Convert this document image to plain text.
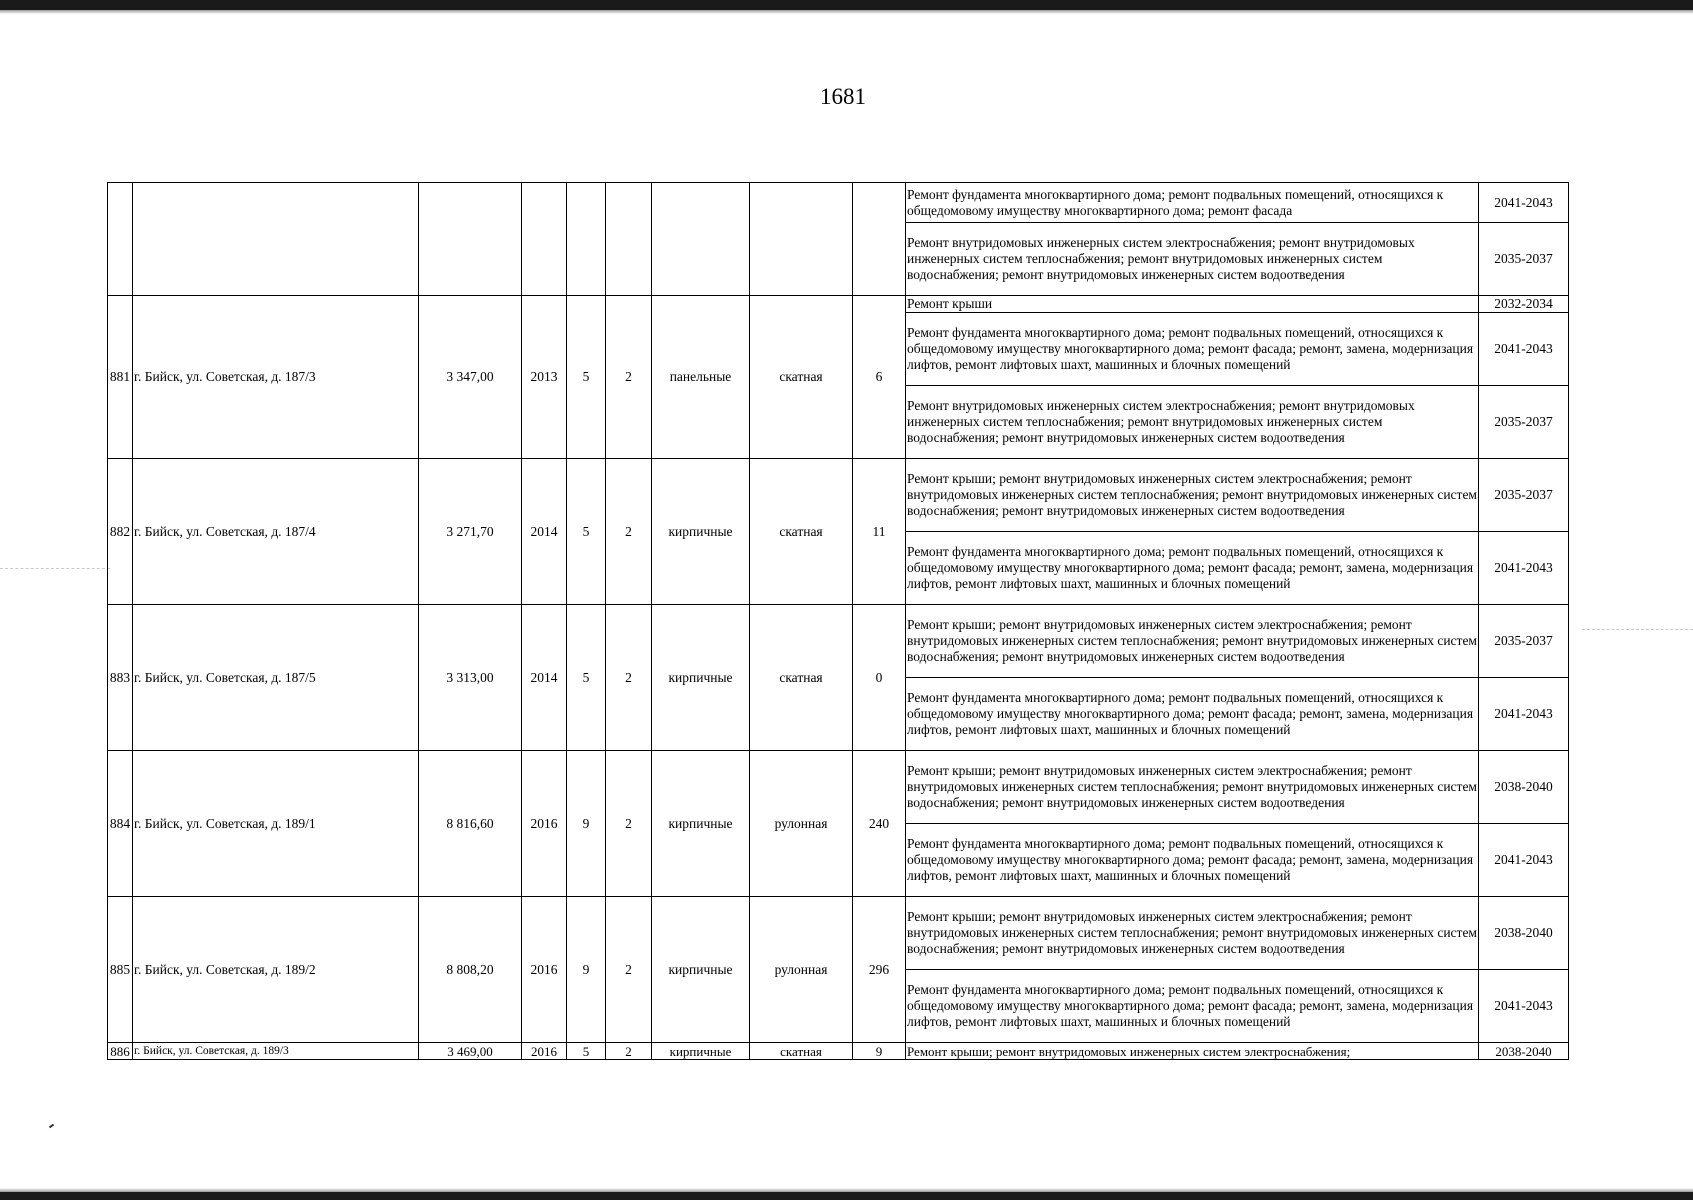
1681
									Ремонт фундамента многоквартирного дома; ремонт подвальных помещений, относящихся к общедомовому имуществу многоквартирного дома; ремонт фасада	2041-2043
									Ремонт внутридомовых инженерных систем электроснабжения; ремонт внутридомовых инженерных систем теплоснабжения; ремонт внутридомовых инженерных систем водоснабжения; ремонт внутридомовых инженерных систем водоотведения	2035-2037
881	г. Бийск, ул. Советская, д. 187/3	3 347,00	2013	5	2	панельные	скатная	6	Ремонт крыши	2032-2034
									Ремонт фундамента многоквартирного дома; ремонт подвальных помещений, относящихся к общедомовому имуществу многоквартирного дома; ремонт фасада; ремонт, замена, модернизация лифтов, ремонт лифтовых шахт, машинных и блочных помещений	2041-2043
									Ремонт внутридомовых инженерных систем электроснабжения; ремонт внутридомовых инженерных систем теплоснабжения; ремонт внутридомовых инженерных систем водоснабжения; ремонт внутридомовых инженерных систем водоотведения	2035-2037
882	г. Бийск, ул. Советская, д. 187/4	3 271,70	2014	5	2	кирпичные	скатная	11	Ремонт крыши; ремонт внутридомовых инженерных систем электроснабжения; ремонт внутридомовых инженерных систем теплоснабжения; ремонт внутридомовых инженерных систем водоснабжения; ремонт внутридомовых инженерных систем водоотведения	2035-2037
									Ремонт фундамента многоквартирного дома; ремонт подвальных помещений, относящихся к общедомовому имуществу многоквартирного дома; ремонт фасада; ремонт, замена, модернизация лифтов, ремонт лифтовых шахт, машинных и блочных помещений	2041-2043
883	г. Бийск, ул. Советская, д. 187/5	3 313,00	2014	5	2	кирпичные	скатная	0	Ремонт крыши; ремонт внутридомовых инженерных систем электроснабжения; ремонт внутридомовых инженерных систем теплоснабжения; ремонт внутридомовых инженерных систем водоснабжения; ремонт внутридомовых инженерных систем водоотведения	2035-2037
									Ремонт фундамента многоквартирного дома; ремонт подвальных помещений, относящихся к общедомовому имуществу многоквартирного дома; ремонт фасада; ремонт, замена, модернизация лифтов, ремонт лифтовых шахт, машинных и блочных помещений	2041-2043
884	г. Бийск, ул. Советская, д. 189/1	8 816,60	2016	9	2	кирпичные	рулонная	240	Ремонт крыши; ремонт внутридомовых инженерных систем электроснабжения; ремонт внутридомовых инженерных систем теплоснабжения; ремонт внутридомовых инженерных систем водоснабжения; ремонт внутридомовых инженерных систем водоотведения	2038-2040
									Ремонт фундамента многоквартирного дома; ремонт подвальных помещений, относящихся к общедомовому имуществу многоквартирного дома; ремонт фасада; ремонт, замена, модернизация лифтов, ремонт лифтовых шахт, машинных и блочных помещений	2041-2043
885	г. Бийск, ул. Советская, д. 189/2	8 808,20	2016	9	2	кирпичные	рулонная	296	Ремонт крыши; ремонт внутридомовых инженерных систем электроснабжения; ремонт внутридомовых инженерных систем теплоснабжения; ремонт внутридомовых инженерных систем водоснабжения; ремонт внутридомовых инженерных систем водоотведения	2038-2040
									Ремонт фундамента многоквартирного дома; ремонт подвальных помещений, относящихся к общедомовому имуществу многоквартирного дома; ремонт фасада; ремонт, замена, модернизация лифтов, ремонт лифтовых шахт, машинных и блочных помещений	2041-2043
886	г. Бийск, ул. Советская, д. 189/3	3 469,00	2016	5	2	кирпичные	скатная	9	Ремонт крыши; ремонт внутридомовых инженерных систем электроснабжения;	2038-2040
